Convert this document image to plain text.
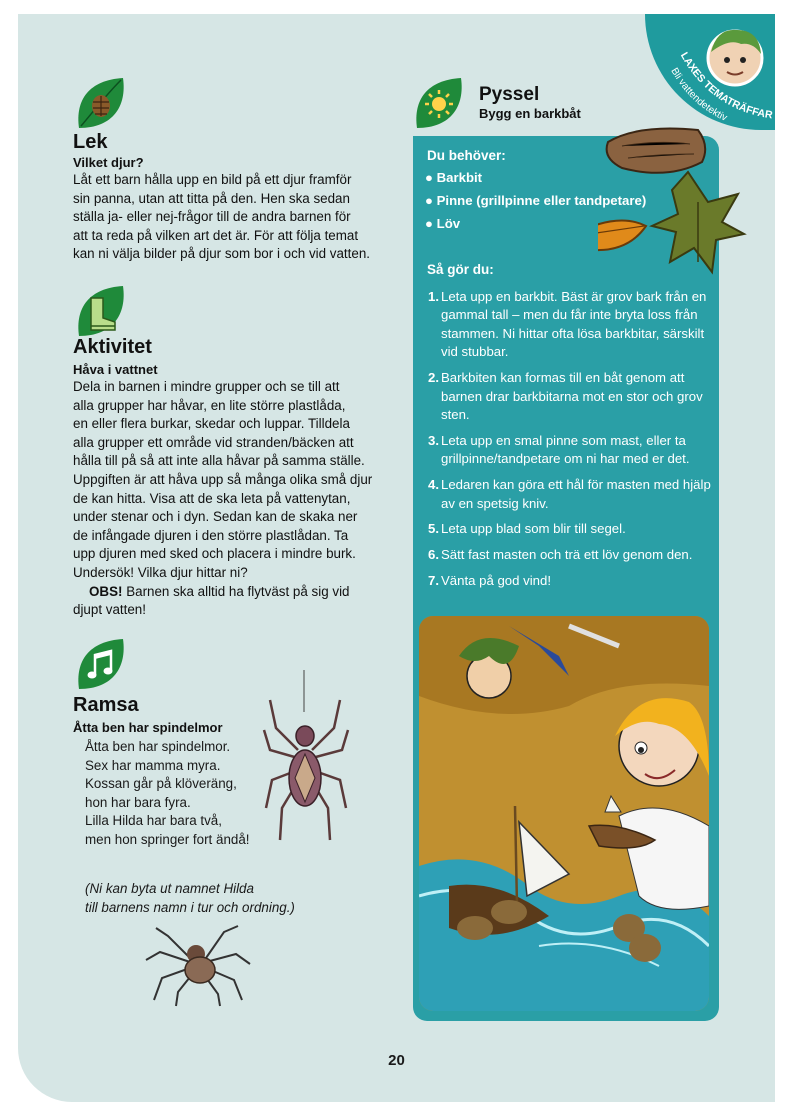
LAXES TEMATRÄFFAR
Bli vattendetektiv
Lek
Vilket djur?

Låt ett barn hålla upp en bild på ett djur framför

sin panna, utan att titta på den. Hen ska sedan

ställa ja- eller nej-frågor till de andra barnen för

att ta reda på vilken art det är. För att följa temat

kan ni välja bilder på djur som bor i och vid vatten.

Aktivitet
Håva i vattnet

Dela in barnen i mindre grupper och se till att

alla grupper har håvar, en lite större plastlåda,

en eller flera burkar, skedar och luppar. Tilldela

alla grupper ett område vid stranden/bäcken att

hålla till på så att inte alla håvar på samma ställe.

Uppgiften är att håva upp så många olika små djur

de kan hitta. Visa att de ska leta på vattenytan,

under stenar och i dyn. Sedan kan de skaka ner

de infångade djuren i den större plastlådan. Ta

upp djuren med sked och placera i mindre burk.

Undersök! Vilka djur hittar ni?

OBS! Barnen ska alltid ha flytväst på sig vid

djupt vatten!

Ramsa
Åtta ben har spindelmor
Åtta ben har spindelmor.
Sex har mamma myra.
Kossan går på klöveräng,
hon har bara fyra.
Lilla Hilda har bara två,
men hon springer fort ändå!
(Ni kan byta ut namnet Hilda
till barnens namn i tur och ordning.)
Pyssel
Bygg en barkbåt
Du behöver:
● Barkbit
● Pinne (grillpinne eller tandpetare)
● Löv
Så gör du:
1. Leta upp en barkbit. Bäst är grov bark från en gammal tall – men du får inte bryta loss från stammen. Ni hittar ofta lösa barkbitar, särskilt vid stubbar.
2. Barkbiten kan formas till en båt genom att barnen drar barkbitarna mot en stor och grov sten.
3. Leta upp en smal pinne som mast, eller ta grillpinne/tandpetare om ni har med er det.
4. Ledaren kan göra ett hål för masten med hjälp av en spetsig kniv.
5. Leta upp blad som blir till segel.
6. Sätt fast masten och trä ett löv genom den.
7. Vänta på god vind!
20
